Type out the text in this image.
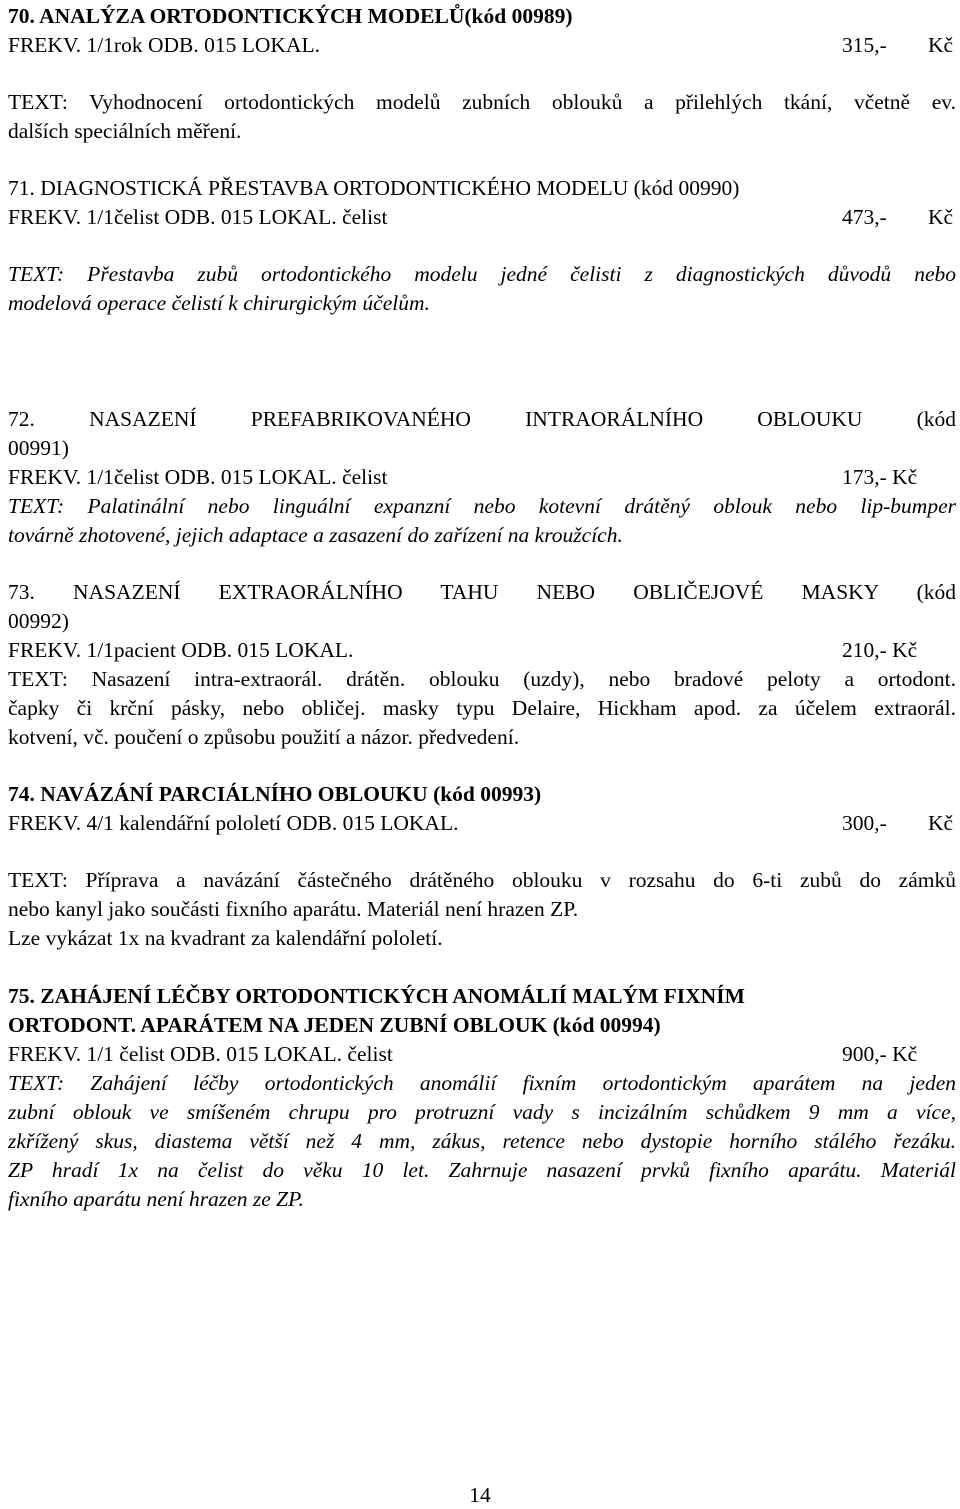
70. ANALÝZA ORTODONTICKÝCH MODELŮ(kód 00989)
FREKV. 1/1rok ODB. 015 LOKAL.	315,- Kč
TEXT: Vyhodnocení ortodontických modelů zubních oblouků a přilehlých tkání, včetně ev.
dalších speciálních měření.
71. DIAGNOSTICKÁ PŘESTAVBA ORTODONTICKÉHO MODELU (kód 00990)
FREKV. 1/1čelist ODB. 015 LOKAL. čelist	473,- Kč
TEXT: Přestavba zubů ortodontického modelu jedné čelisti z diagnostických důvodů nebo
modelová operace čelistí k chirurgickým účelům.
72. NASAZENÍ PREFABRIKOVANÉHO INTRAORÁLNÍHO OBLOUKU (kód
00991)
FREKV. 1/1čelist ODB. 015 LOKAL. čelist	173,- Kč
TEXT: Palatinální nebo linguální expanzní nebo kotevní drátěný oblouk nebo lip-bumper
továrně zhotovené, jejich adaptace a zasazení do zařízení na kroužcích.
73. NASAZENÍ EXTRAORÁLNÍHO TAHU NEBO OBLIČEJOVÉ MASKY (kód
00992)
FREKV. 1/1pacient ODB. 015 LOKAL.	210,- Kč
TEXT: Nasazení intra-extraorál. drátěn. oblouku (uzdy), nebo bradové peloty a ortodont.
čapky či krční pásky, nebo obličej. masky typu Delaire, Hickham apod. za účelem extraorál.
kotvení, vč. poučení o způsobu použití a názor. předvedení.
74. NAVÁZÁNÍ PARCIÁLNÍHO OBLOUKU (kód 00993)
FREKV. 4/1 kalendářní pololetí ODB. 015 LOKAL.	300,- Kč
TEXT: Příprava a navázání částečného drátěného oblouku v rozsahu do 6-ti zubů do zámků
nebo kanyl jako součásti fixního aparátu. Materiál není hrazen ZP.
Lze vykázat 1x na kvadrant za kalendářní pololetí.
75. ZAHÁJENÍ LÉČBY ORTODONTICKÝCH ANOMÁLIÍ MALÝM FIXNÍM
ORTODONT. APARÁTEM NA JEDEN ZUBNÍ OBLOUK (kód 00994)
FREKV. 1/1 čelist ODB. 015 LOKAL. čelist	900,- Kč
TEXT: Zahájení léčby ortodontických anomálií fixním ortodontickým aparátem na jeden
zubní oblouk ve smíšeném chrupu pro protruzní vady s incizálním schůdkem 9 mm a více,
zkřížený skus, diastema větší než 4 mm, zákus, retence nebo dystopie horního stálého řezáku.
ZP hradí 1x na čelist do věku 10 let. Zahrnuje nasazení prvků fixního aparátu. Materiál
fixního aparátu není hrazen ze ZP.
14
